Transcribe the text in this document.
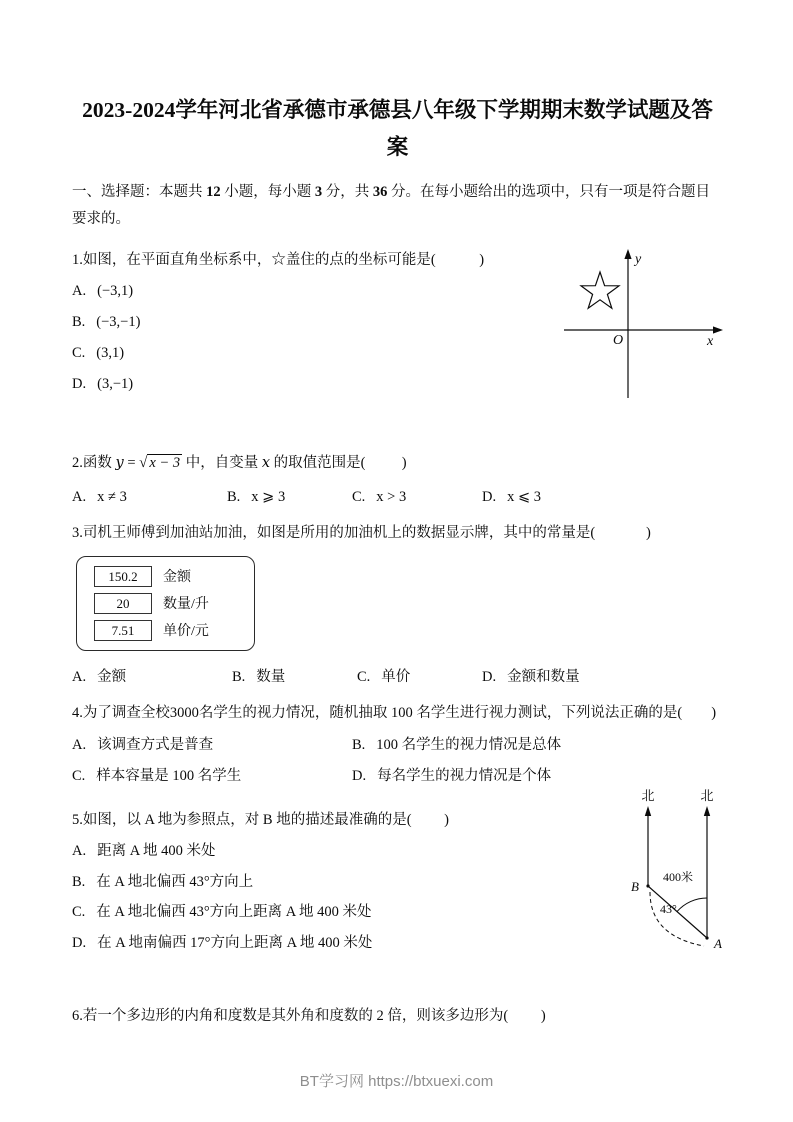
2023-2024学年河北省承德市承德县八年级下学期期末数学试题及答案

一、选择题：本题共 12 小题，每小题 3 分，共 36 分。在每小题给出的选项中，只有一项是符合题目要求的。

1.如图，在平面直角坐标系中，☆盖住的点的坐标可能是(            )
A. (−3,1)
B. (−3,−1)
C. (3,1)
D. (3,−1)
y
x
O
2.函数 y = √ x − 3 中，自变量 x 的取值范围是(          )
A. x ≠ 3	B. x ⩾ 3	C. x > 3	D. x ⩽ 3
3.司机王师傅到加油站加油，如图是所用的加油机上的数据显示牌，其中的常量是(              )
150.2	金额
20	数量/升
7.51	单价/元
A. 金额	B. 数量	C. 单价	D. 金额和数量
4.为了调查全校3000名学生的视力情况，随机抽取 100 名学生进行视力测试，下列说法正确的是(        )
A. 该调查方式是普查	B. 100 名学生的视力情况是总体
C. 样本容量是 100 名学生	D. 每名学生的视力情况是个体
5.如图，以 A 地为参照点，对 B 地的描述最准确的是(         )
A. 距离 A 地 400 米处
B. 在 A 地北偏西 43°方向上
C. 在 A 地北偏西 43°方向上距离 A 地 400 米处
D. 在 A 地南偏西 17°方向上距离 A 地 400 米处
北	北
B
A
400米
43°
6.若一个多边形的内角和度数是其外角和度数的 2 倍，则该多边形为(         )
BT学习网 https://btxuexi.com
